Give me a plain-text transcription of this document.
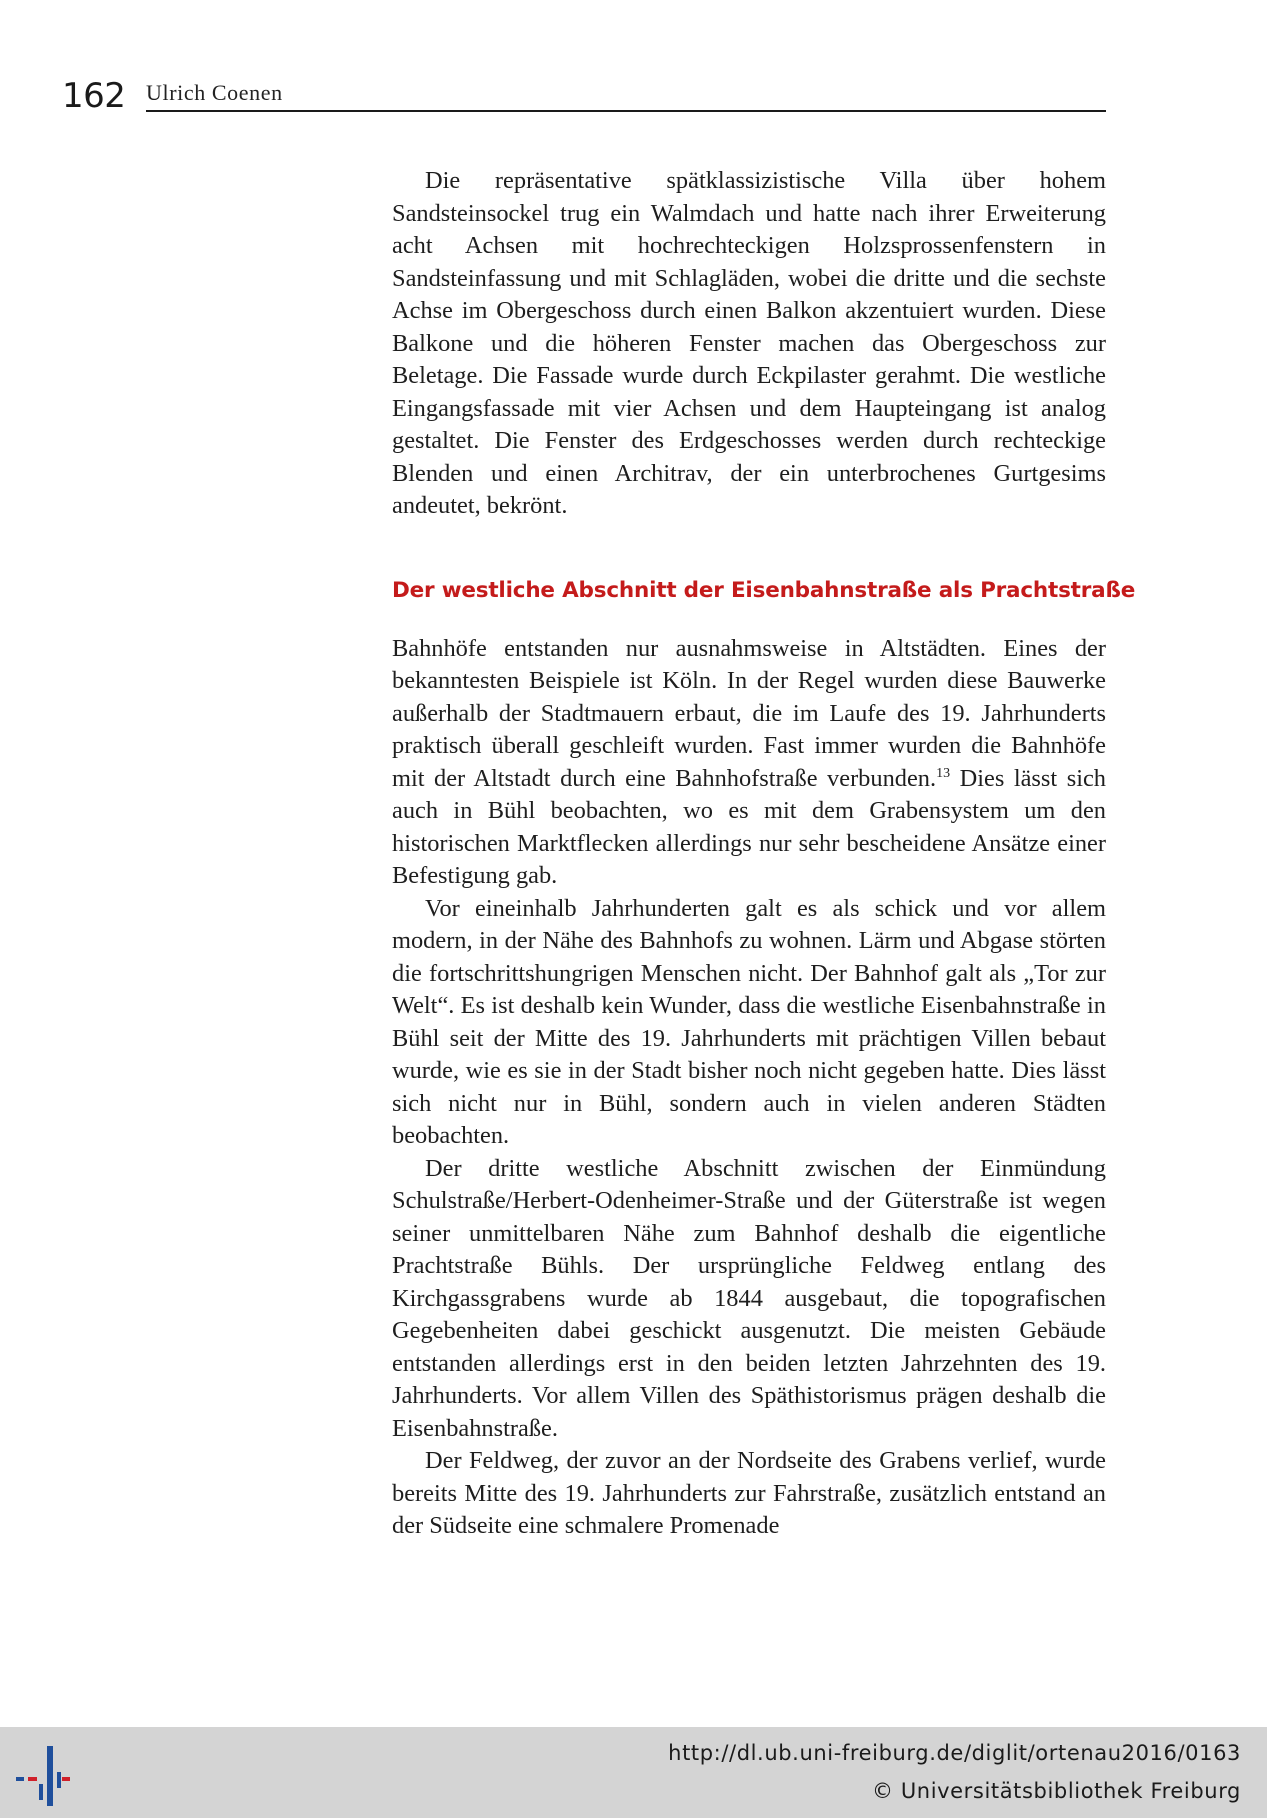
162 Ulrich Coenen

Die repräsentative spätklassizistische Villa über hohem Sandsteinsockel trug ein Walmdach und hatte nach ihrer Erweiterung acht Achsen mit hochrechteckigen Holzsprossenfenstern in Sandsteinfassung und mit Schlagläden, wobei die dritte und die sechste Achse im Obergeschoss durch einen Balkon akzentuiert wurden. Diese Balkone und die höheren Fenster machen das Obergeschoss zur Beletage. Die Fassade wurde durch Eckpilaster gerahmt. Die westliche Eingangsfassade mit vier Achsen und dem Haupteingang ist analog gestaltet. Die Fenster des Erdgeschosses werden durch rechteckige Blenden und einen Architrav, der ein unterbrochenes Gurtgesims andeutet, bekrönt.

Der westliche Abschnitt der Eisenbahnstraße als Prachtstraße

Bahnhöfe entstanden nur ausnahmsweise in Altstädten. Eines der bekanntesten Beispiele ist Köln. In der Regel wurden diese Bauwerke außerhalb der Stadtmauern erbaut, die im Laufe des 19. Jahrhunderts praktisch überall geschleift wurden. Fast immer wurden die Bahnhöfe mit der Altstadt durch eine Bahnhofstraße verbunden.$^{13}$ Dies lässt sich auch in Bühl beobachten, wo es mit dem Grabensystem um den historischen Marktflecken allerdings nur sehr bescheidene Ansätze einer Befestigung gab.

Vor eineinhalb Jahrhunderten galt es als schick und vor allem modern, in der Nähe des Bahnhofs zu wohnen. Lärm und Abgase störten die fortschrittshungrigen Menschen nicht. Der Bahnhof galt als „Tor zur Welt“. Es ist deshalb kein Wunder, dass die westliche Eisenbahnstraße in Bühl seit der Mitte des 19. Jahrhunderts mit prächtigen Villen bebaut wurde, wie es sie in der Stadt bisher noch nicht gegeben hatte. Dies lässt sich nicht nur in Bühl, sondern auch in vielen anderen Städten beobachten.

Der dritte westliche Abschnitt zwischen der Einmündung Schulstraße/Herbert-Odenheimer-Straße und der Güterstraße ist wegen seiner unmittelbaren Nähe zum Bahnhof deshalb die eigentliche Prachtstraße Bühls. Der ursprüngliche Feldweg entlang des Kirchgassgrabens wurde ab 1844 ausgebaut, die topografischen Gegebenheiten dabei geschickt ausgenutzt. Die meisten Gebäude entstanden allerdings erst in den beiden letzten Jahrzehnten des 19. Jahrhunderts. Vor allem Villen des Späthistorismus prägen deshalb die Eisenbahnstraße.

Der Feldweg, der zuvor an der Nordseite des Grabens verlief, wurde bereits Mitte des 19. Jahrhunderts zur Fahrstraße, zusätzlich entstand an der Südseite eine schmalere Promenade

http://dl.ub.uni-freiburg.de/diglit/ortenau2016/0163
© Universitätsbibliothek Freiburg
